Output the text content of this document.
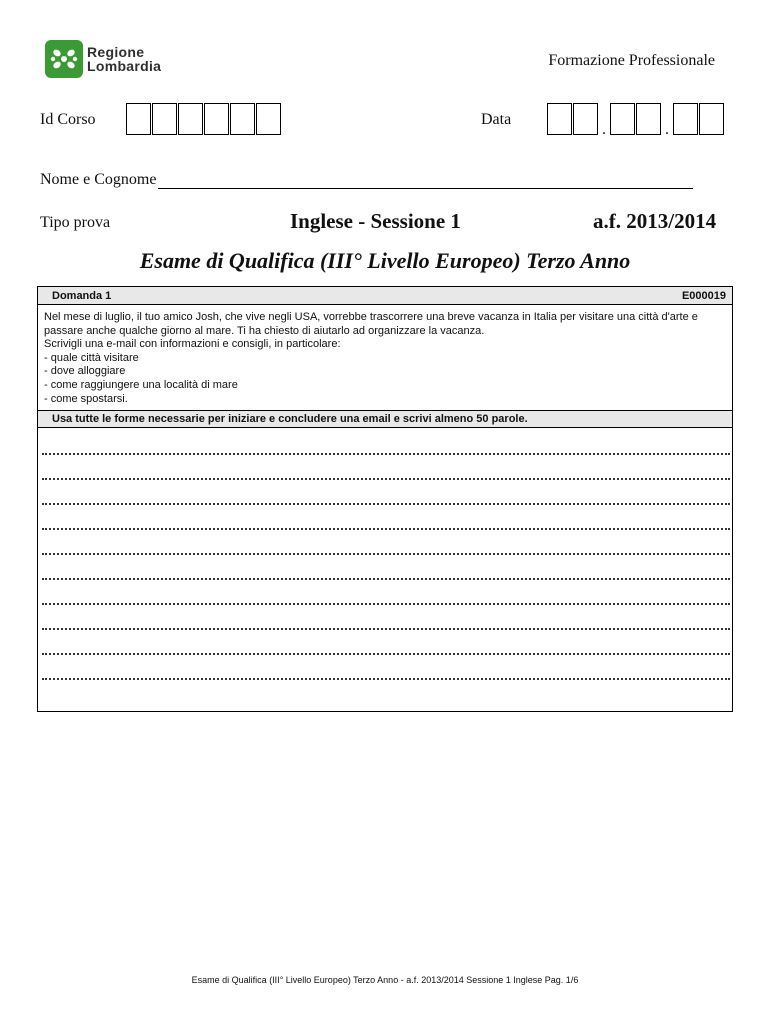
Regione
Lombardia	Formazione Professionale
Id Corso	Data
.	.
Nome e Cognome
Tipo prova	Inglese - Sessione 1	a.f. 2013/2014
Esame di Qualifica (III° Livello Europeo) Terzo Anno
Domanda 1	E000019

Nel mese di luglio, il tuo amico Josh, che vive negli USA, vorrebbe trascorrere una breve vacanza in Italia per visitare una città d'arte e passare anche qualche giorno al mare. Ti ha chiesto di aiutarlo ad organizzare la vacanza.

Scrivigli una e-mail con informazioni e consigli, in particolare:

- quale città visitare

- dove alloggiare

- come raggiungere una località di mare

- come spostarsi.

Usa tutte le forme necessarie per iniziare e concludere una email e scrivi almeno 50 parole.
Esame di Qualifica (III° Livello Europeo) Terzo Anno - a.f. 2013/2014 Sessione 1 Inglese Pag. 1/6
